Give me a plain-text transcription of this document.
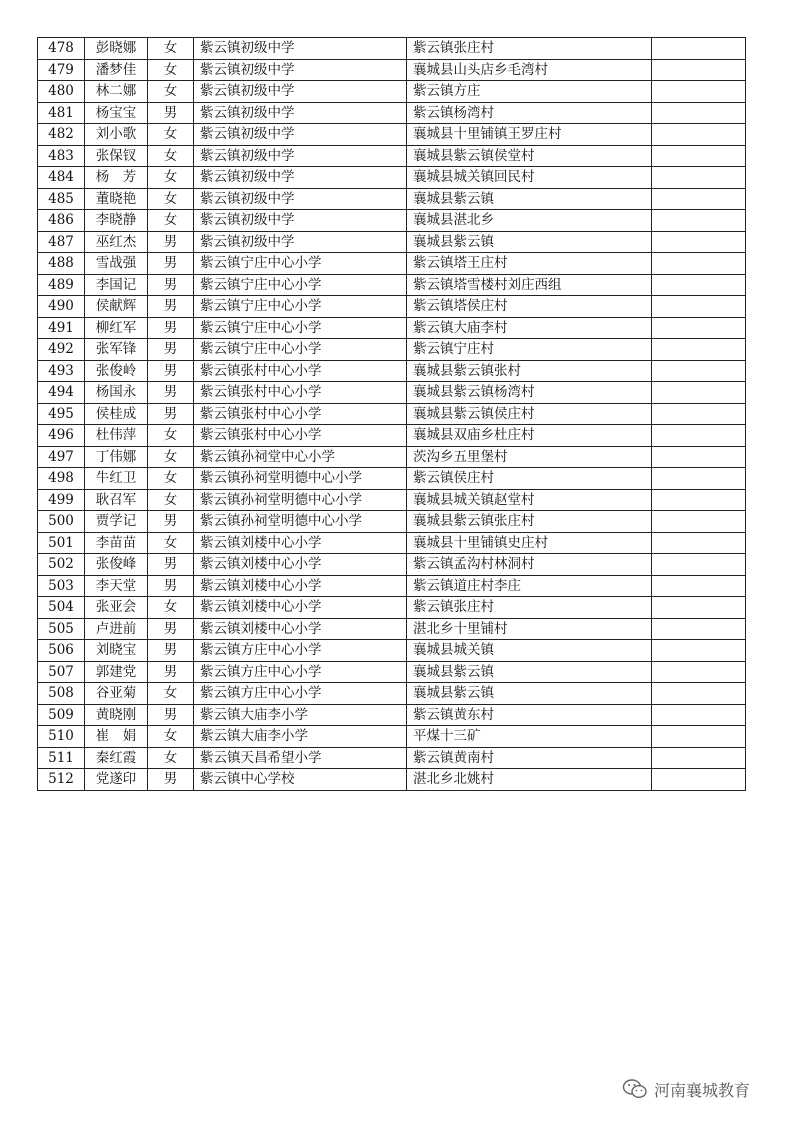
478	彭晓娜	女	紫云镇初级中学	紫云镇张庄村	
479	潘梦佳	女	紫云镇初级中学	襄城县山头店乡毛湾村	
480	林二娜	女	紫云镇初级中学	紫云镇方庄	
481	杨宝宝	男	紫云镇初级中学	紫云镇杨湾村	
482	刘小歌	女	紫云镇初级中学	襄城县十里铺镇王罗庄村	
483	张保钗	女	紫云镇初级中学	襄城县紫云镇侯堂村	
484	杨　芳	女	紫云镇初级中学	襄城县城关镇回民村	
485	董晓艳	女	紫云镇初级中学	襄城县紫云镇	
486	李晓静	女	紫云镇初级中学	襄城县湛北乡	
487	巫红杰	男	紫云镇初级中学	襄城县紫云镇	
488	雪战强	男	紫云镇宁庄中心小学	紫云镇塔王庄村	
489	李国记	男	紫云镇宁庄中心小学	紫云镇塔雪楼村刘庄西组	
490	侯献辉	男	紫云镇宁庄中心小学	紫云镇塔侯庄村	
491	柳红军	男	紫云镇宁庄中心小学	紫云镇大庙李村	
492	张军锋	男	紫云镇宁庄中心小学	紫云镇宁庄村	
493	张俊岭	男	紫云镇张村中心小学	襄城县紫云镇张村	
494	杨国永	男	紫云镇张村中心小学	襄城县紫云镇杨湾村	
495	侯桂成	男	紫云镇张村中心小学	襄城县紫云镇侯庄村	
496	杜伟萍	女	紫云镇张村中心小学	襄城县双庙乡杜庄村	
497	丁伟娜	女	紫云镇孙祠堂中心小学	茨沟乡五里堡村	
498	牛红卫	女	紫云镇孙祠堂明德中心小学	紫云镇侯庄村	
499	耿召军	女	紫云镇孙祠堂明德中心小学	襄城县城关镇赵堂村	
500	贾学记	男	紫云镇孙祠堂明德中心小学	襄城县紫云镇张庄村	
501	李苗苗	女	紫云镇刘楼中心小学	襄城县十里铺镇史庄村	
502	张俊峰	男	紫云镇刘楼中心小学	紫云镇孟沟村林洞村	
503	李天堂	男	紫云镇刘楼中心小学	紫云镇道庄村李庄	
504	张亚会	女	紫云镇刘楼中心小学	紫云镇张庄村	
505	卢进前	男	紫云镇刘楼中心小学	湛北乡十里铺村	
506	刘晓宝	男	紫云镇方庄中心小学	襄城县城关镇	
507	郭建党	男	紫云镇方庄中心小学	襄城县紫云镇	
508	谷亚菊	女	紫云镇方庄中心小学	襄城县紫云镇	
509	黄晓刚	男	紫云镇大庙李小学	紫云镇黄东村	
510	崔　娟	女	紫云镇大庙李小学	平煤十三矿	
511	秦红霞	女	紫云镇天昌希望小学	紫云镇黄南村	
512	党遂印	男	紫云镇中心学校	湛北乡北姚村	
河南襄城教育
